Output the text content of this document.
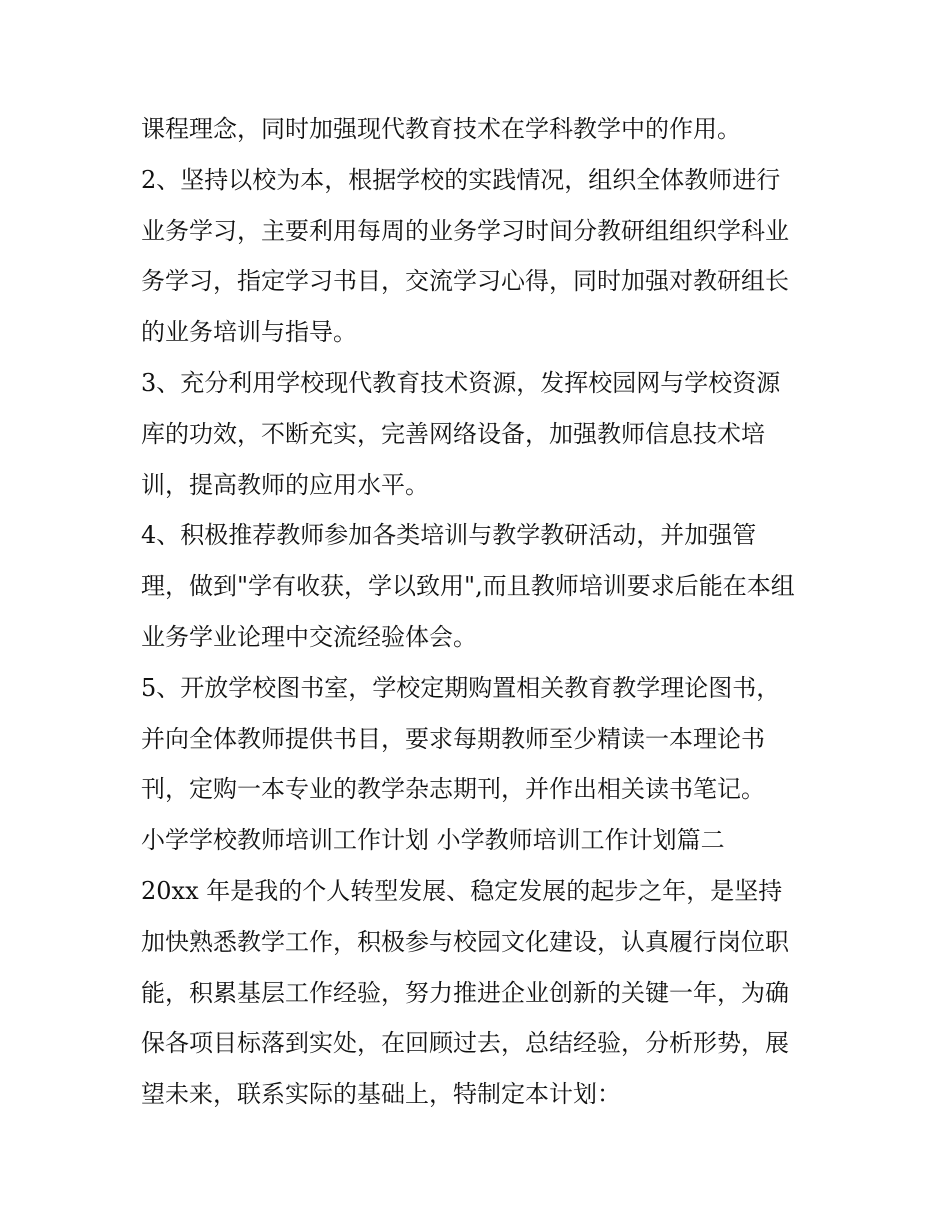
课程理念，同时加强现代教育技术在学科教学中的作用。
2、坚持以校为本，根据学校的实践情况，组织全体教师进行
业务学习，主要利用每周的业务学习时间分教研组组织学科业
务学习，指定学习书目，交流学习心得，同时加强对教研组长
的业务培训与指导。
3、充分利用学校现代教育技术资源，发挥校园网与学校资源
库的功效，不断充实，完善网络设备，加强教师信息技术培
训，提高教师的应用水平。
4、积极推荐教师参加各类培训与教学教研活动，并加强管
理，做到"学有收获，学以致用",而且教师培训要求后能在本组
业务学业论理中交流经验体会。
5、开放学校图书室，学校定期购置相关教育教学理论图书，
并向全体教师提供书目，要求每期教师至少精读一本理论书
刊，定购一本专业的教学杂志期刊，并作出相关读书笔记。
小学学校教师培训工作计划 小学教师培训工作计划篇二
20xx 年是我的个人转型发展、稳定发展的起步之年，是坚持
加快熟悉教学工作，积极参与校园文化建设，认真履行岗位职
能，积累基层工作经验，努力推进企业创新的关键一年，为确
保各项目标落到实处，在回顾过去，总结经验，分析形势，展
望未来，联系实际的基础上，特制定本计划：
